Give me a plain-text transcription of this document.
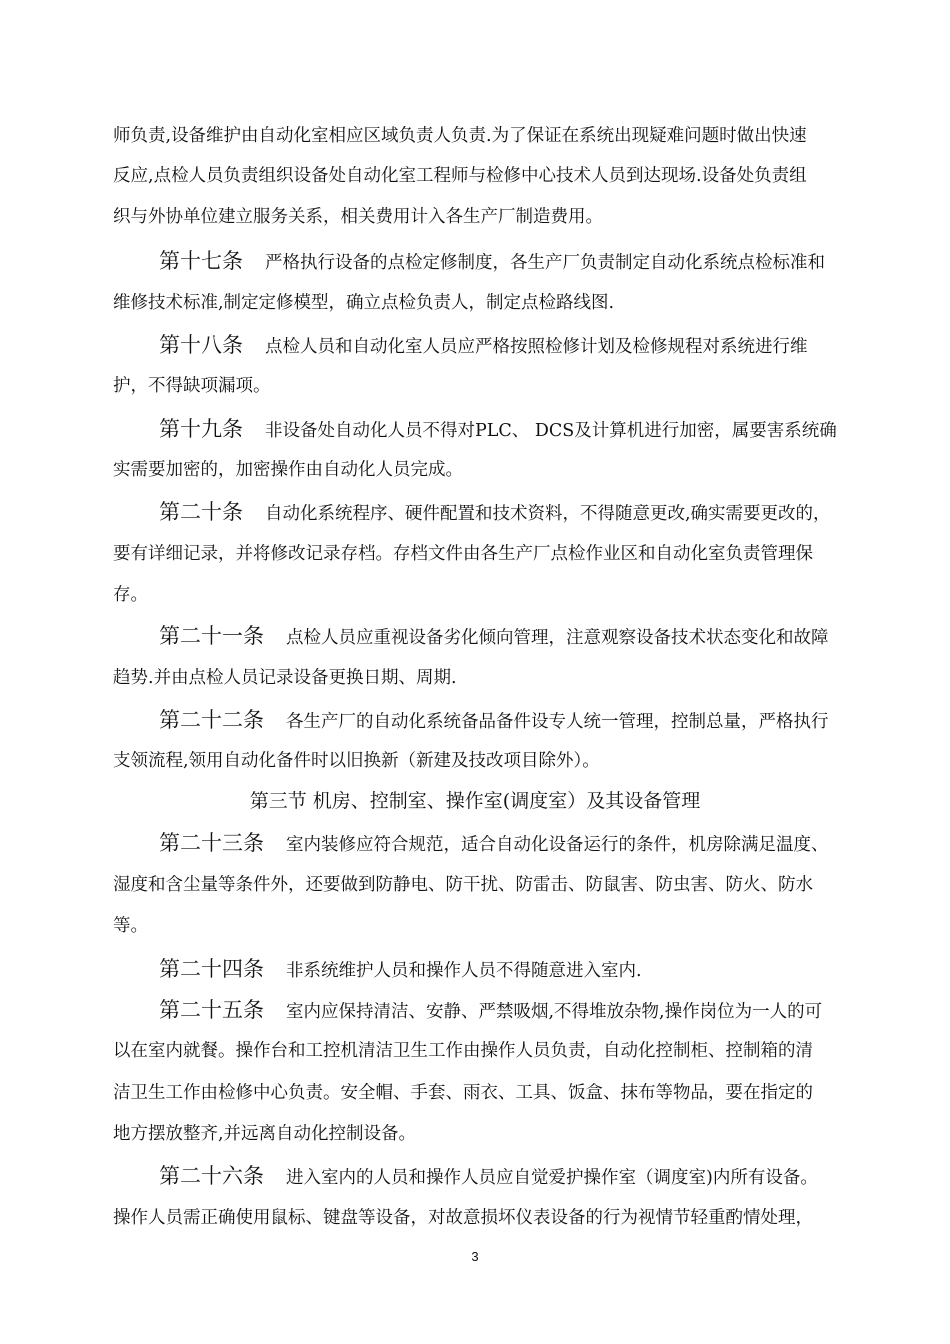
师负责,设备维护由自动化室相应区域负责人负责.为了保证在系统出现疑难问题时做出快速
反应,点检人员负责组织设备处自动化室工程师与检修中心技术人员到达现场.设备处负责组
织与外协单位建立服务关系，相关费用计入各生产厂制造费用。
第十七条 严格执行设备的点检定修制度，各生产厂负责制定自动化系统点检标准和
维修技术标准,制定定修模型，确立点检负责人，制定点检路线图.
第十八条 点检人员和自动化室人员应严格按照检修计划及检修规程对系统进行维
护，不得缺项漏项。
第十九条 非设备处自动化人员不得对PLC、 DCS及计算机进行加密，属要害系统确
实需要加密的，加密操作由自动化人员完成。
第二十条 自动化系统程序、硬件配置和技术资料，不得随意更改,确实需要更改的，
要有详细记录，并将修改记录存档。存档文件由各生产厂点检作业区和自动化室负责管理保
存。
第二十一条 点检人员应重视设备劣化倾向管理，注意观察设备技术状态变化和故障
趋势.并由点检人员记录设备更换日期、周期.
第二十二条 各生产厂的自动化系统备品备件设专人统一管理，控制总量，严格执行
支领流程,领用自动化备件时以旧换新（新建及技改项目除外）。
第三节 机房、控制室、操作室(调度室）及其设备管理
第二十三条 室内装修应符合规范，适合自动化设备运行的条件，机房除满足温度、
湿度和含尘量等条件外，还要做到防静电、防干扰、防雷击、防鼠害、防虫害、防火、防水
等。
第二十四条 非系统维护人员和操作人员不得随意进入室内.
第二十五条 室内应保持清洁、安静、严禁吸烟,不得堆放杂物,操作岗位为一人的可
以在室内就餐。操作台和工控机清洁卫生工作由操作人员负责，自动化控制柜、控制箱的清
洁卫生工作由检修中心负责。安全帽、手套、雨衣、工具、饭盒、抹布等物品，要在指定的
地方摆放整齐,并远离自动化控制设备。
第二十六条 进入室内的人员和操作人员应自觉爱护操作室（调度室)内所有设备。
操作人员需正确使用鼠标、键盘等设备，对故意损坏仪表设备的行为视情节轻重酌情处理，
3
